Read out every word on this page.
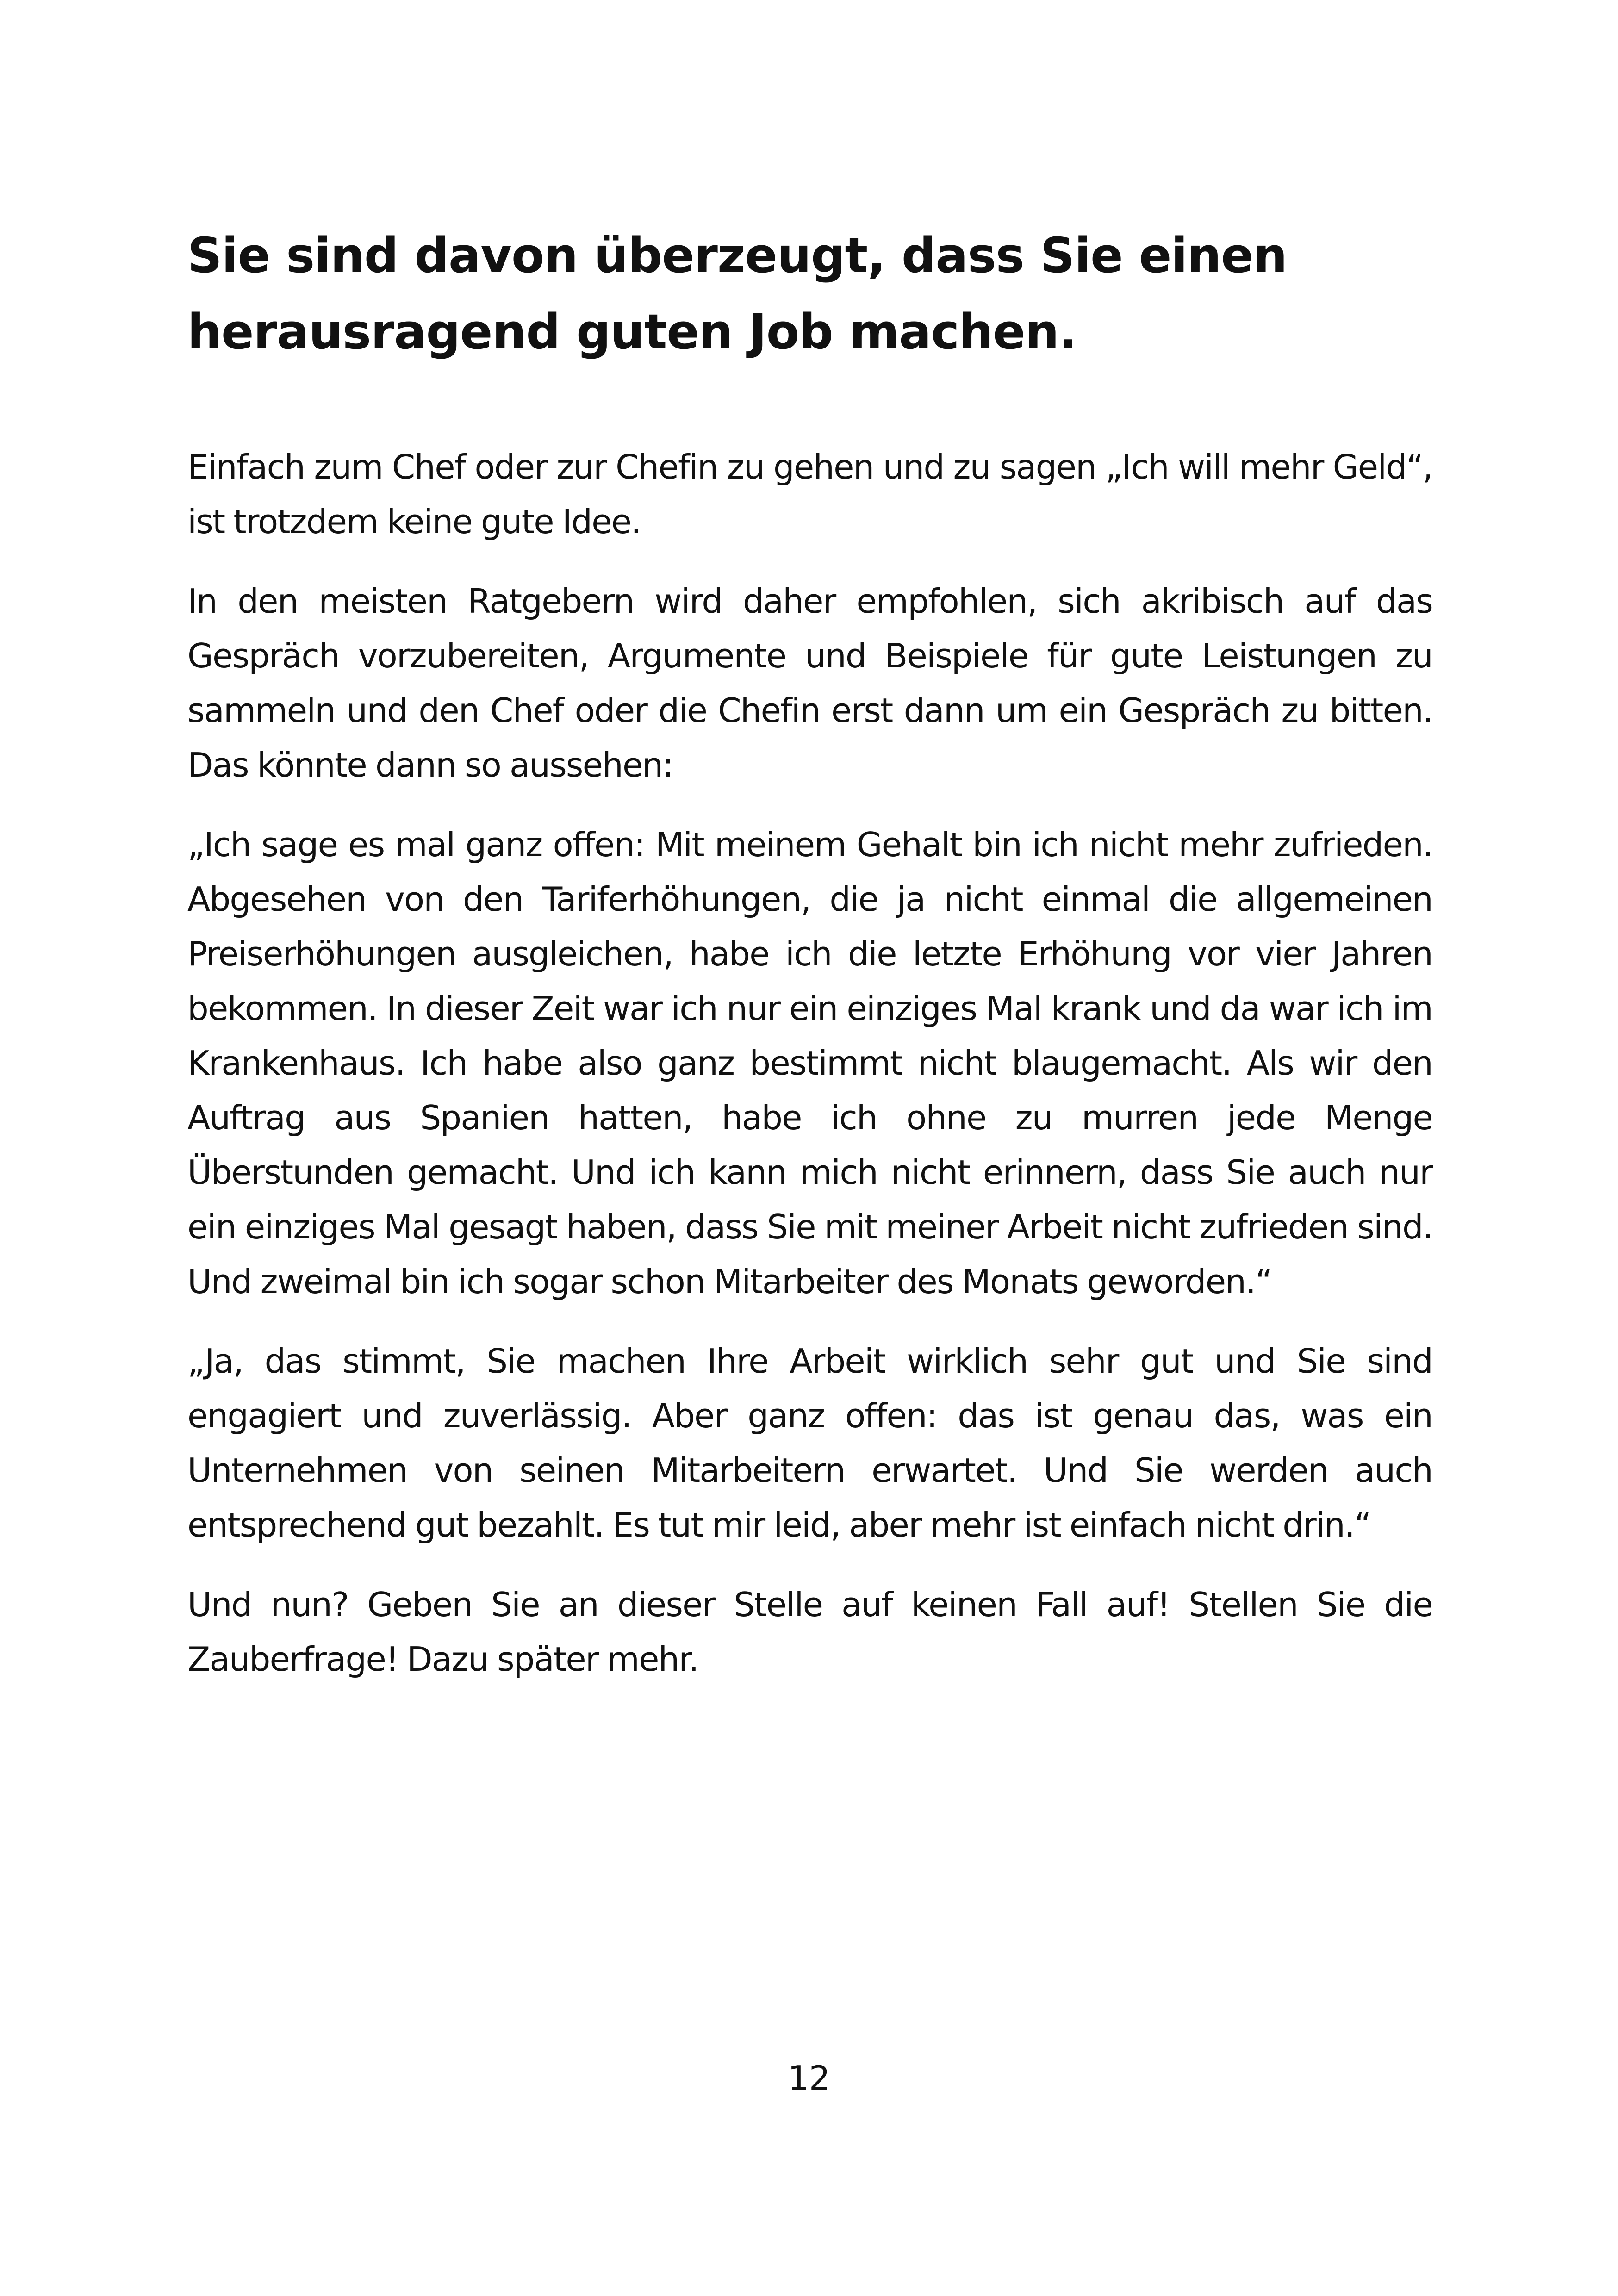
Sie sind davon überzeugt, dass Sie einen herausragend guten Job machen.

Einfach zum Chef oder zur Chefin zu gehen und zu sagen „Ich will mehr Geld“, ist trotzdem keine gute Idee.

In den meisten Ratgebern wird daher empfohlen, sich akribisch auf das Gespräch vorzubereiten, Argumente und Beispiele für gute Leistungen zu sammeln und den Chef oder die Chefin erst dann um ein Gespräch zu bitten. Das könnte dann so aussehen:

„Ich sage es mal ganz offen: Mit meinem Gehalt bin ich nicht mehr zufrieden. Abgesehen von den Tariferhöhungen, die ja nicht einmal die allgemeinen Preiserhöhungen ausgleichen, habe ich die letzte Erhöhung vor vier Jahren bekommen. In dieser Zeit war ich nur ein einziges Mal krank und da war ich im Krankenhaus. Ich habe also ganz bestimmt nicht blaugemacht. Als wir den Auftrag aus Spanien hatten, habe ich ohne zu murren jede Menge Überstunden gemacht. Und ich kann mich nicht erinnern, dass Sie auch nur ein einziges Mal gesagt haben, dass Sie mit meiner Arbeit nicht zufrieden sind. Und zweimal bin ich sogar schon Mitarbeiter des Monats geworden.“

„Ja, das stimmt, Sie machen Ihre Arbeit wirklich sehr gut und Sie sind engagiert und zuverlässig. Aber ganz offen: das ist genau das, was ein Unternehmen von seinen Mitarbeitern erwartet. Und Sie werden auch entsprechend gut bezahlt. Es tut mir leid, aber mehr ist einfach nicht drin.“

Und nun? Geben Sie an dieser Stelle auf keinen Fall auf! Stellen Sie die Zauberfrage! Dazu später mehr.

12
